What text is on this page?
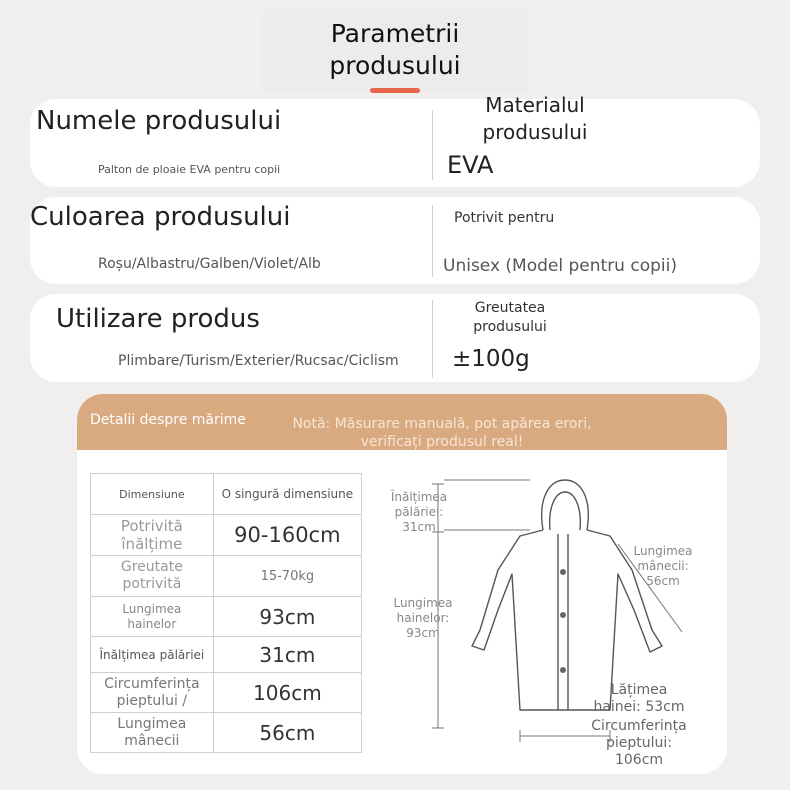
Parametrii
produsului
Numele produsului
Palton de ploaie EVA pentru copii
Materialul
produsului
EVA
Culoarea produsului
Roșu/Albastru/Galben/Violet/Alb
Potrivit pentru
Unisex (Model pentru copii)
Utilizare produs
Plimbare/Turism/Exterier/Rucsac/Ciclism
Greutatea
produsului
±100g
Detalii despre mărime	Notă: Măsurare manuală, pot apărea erori,
verificați produsul real!
Dimensiune	O singură dimensiune

Potrivită
înălțime	90-160cm

Greutate
potrivită	15-70kg

Lungimea
hainelor	93cm
Înălțimea pălăriei	31cm

Circumferința
pieptului /	106cm

Lungimea
mânecii	56cm
Înălțimea
pălăriei: 31cm
Lungimea
hainelor:
93cm
Lungimea
mânecii:
56cm
Lățimea
hainei: 53cm
Circumferința
pieptului:
106cm
